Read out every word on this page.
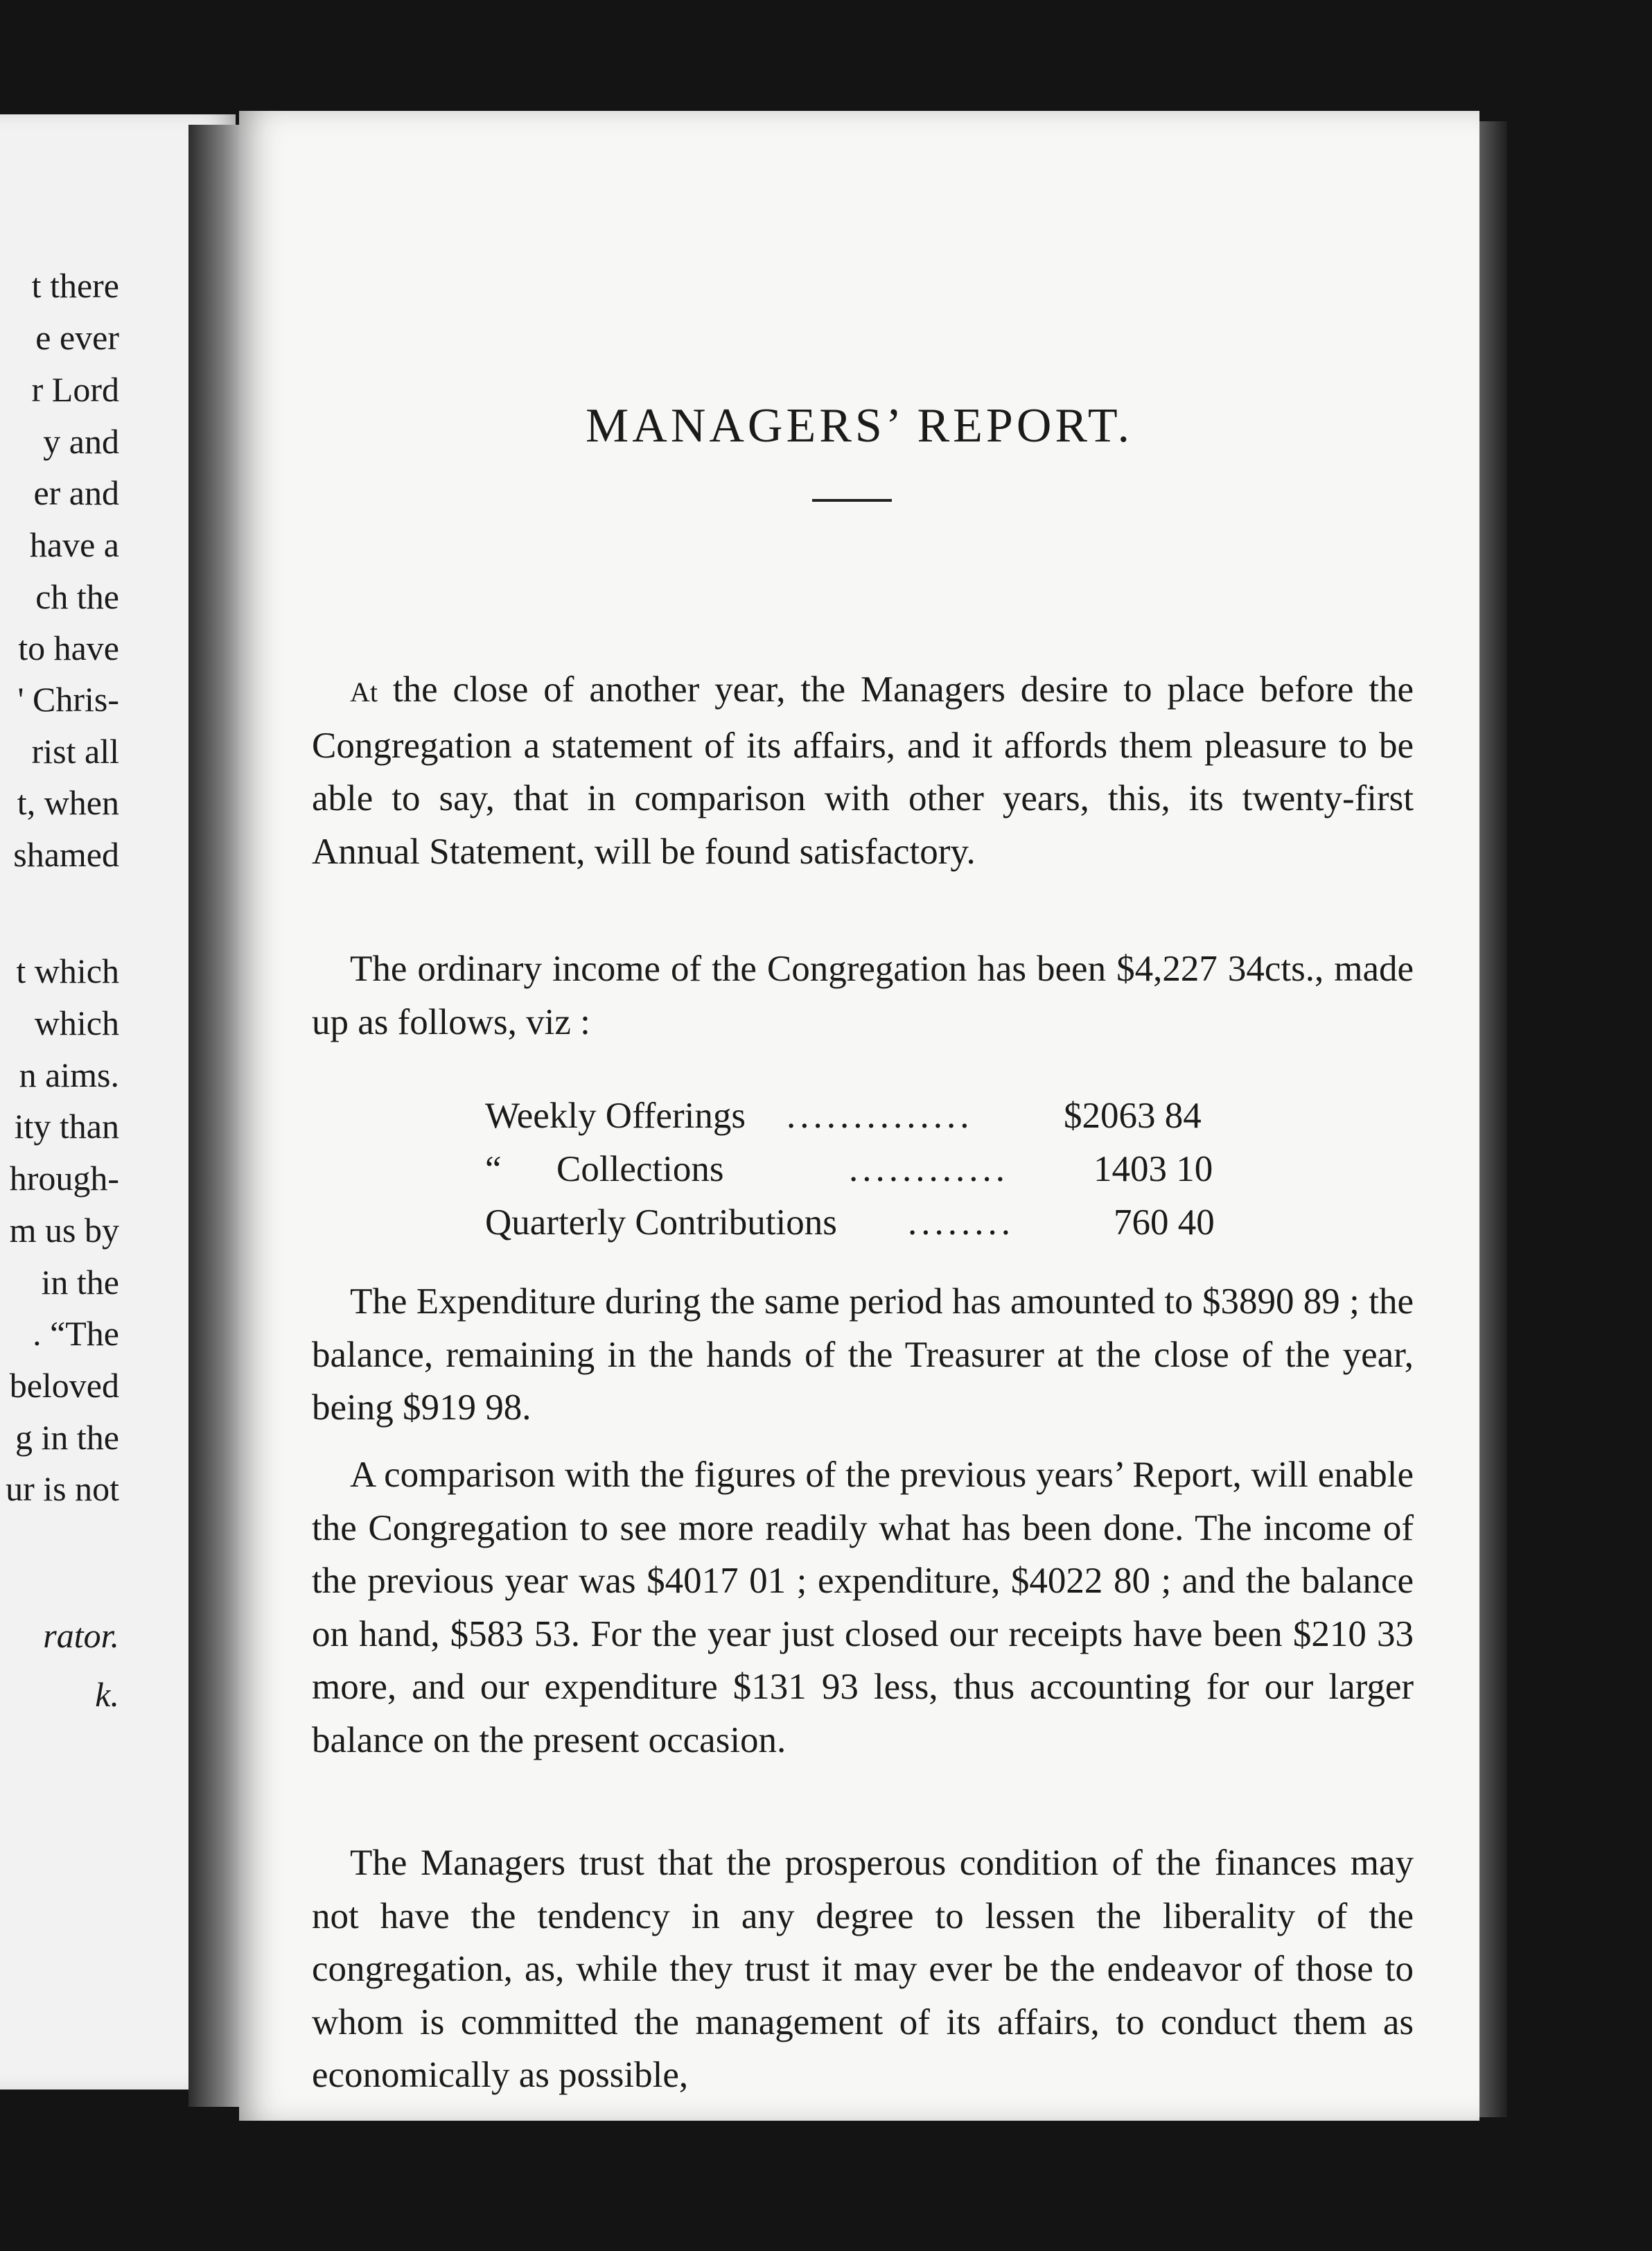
t there
e ever
r Lord
y and
er and
have a
ch the
to have
' Chris-
rist all
t, when
shamed
t which
which
n aims.
ity than
hrough-
m us by
in the
. “The
beloved
g in the
ur is not
rator.
k.
MANAGERS’ REPORT.

At the close of another year, the Managers desire to place before the Congregation a statement of its affairs, and it affords them pleasure to be able to say, that in comparison with other years, this, its twenty-first Annual Statement, will be found satisfactory.

The ordinary income of the Congregation has been $4,227 34cts., made up as follows, viz :

Weekly Offerings .............. $2063 84
“      Collections	............ 1403 10
Quarterly Contributions ........	760 40

The Expenditure during the same period has amounted to $3890 89 ; the balance, remaining in the hands of the Treasurer at the close of the year, being $919 98.

A comparison with the figures of the previous years’ Report, will enable the Congregation to see more readily what has been done. The income of the previous year was $4017 01 ; expenditure, $4022 80 ; and the balance on hand, $583 53. For the year just closed our receipts have been $210 33 more, and our expenditure $131 93 less, thus accounting for our larger balance on the present occasion.

The Managers trust that the prosperous condition of the finances may not have the tendency in any degree to lessen the liberality of the congregation, as, while they trust it may ever be the endeavor of those to whom is committed the management of its affairs, to conduct them as economically as possible,
